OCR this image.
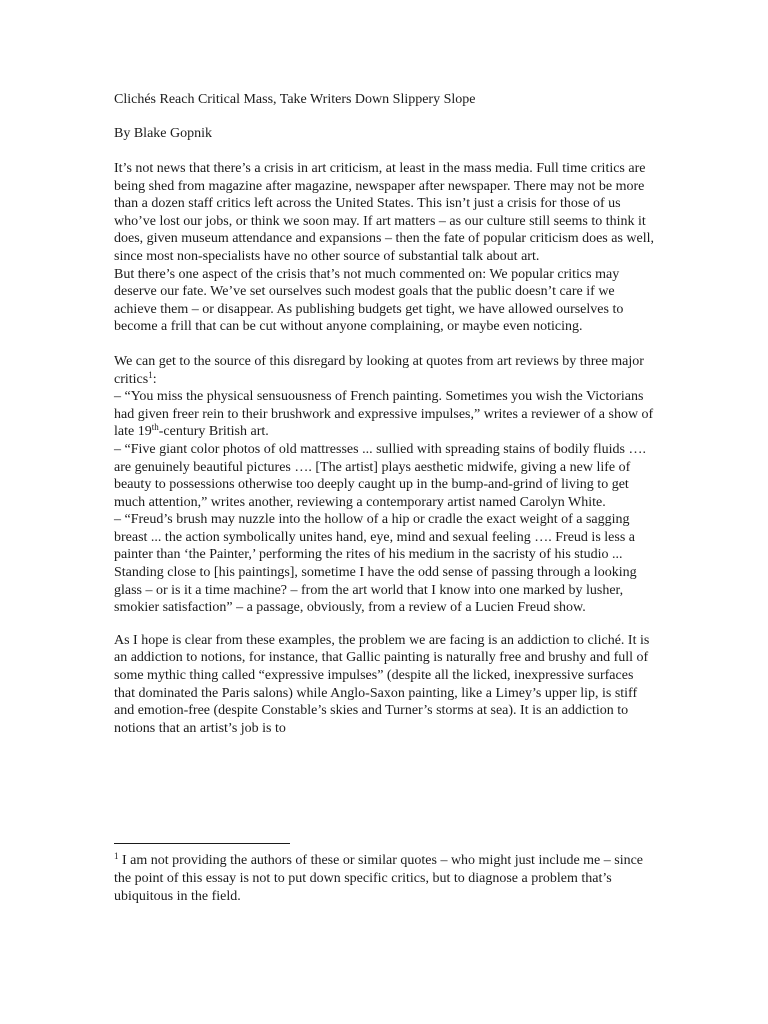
Clichés Reach Critical Mass, Take Writers Down Slippery Slope

By Blake Gopnik

It’s not news that there’s a crisis in art criticism, at least in the mass media. Full time critics are being shed from magazine after magazine, newspaper after newspaper. There may not be more than a dozen staff critics left across the United States. This isn’t just a crisis for those of us who’ve lost our jobs, or think we soon may. If art matters – as our culture still seems to think it does, given museum attendance and expansions – then the fate of popular criticism does as well, since most non-specialists have no other source of substantial talk about art.

But there’s one aspect of the crisis that’s not much commented on: We popular critics may deserve our fate. We’ve set ourselves such modest goals that the public doesn’t care if we achieve them – or disappear. As publishing budgets get tight, we have allowed ourselves to become a frill that can be cut without anyone complaining, or maybe even noticing.

We can get to the source of this disregard by looking at quotes from art reviews by three major critics$^1$:

– “You miss the physical sensuousness of French painting. Sometimes you wish the Victorians had given freer rein to their brushwork and expressive impulses,” writes a reviewer of a show of late 19th-century British art.

– “Five giant color photos of old mattresses ... sullied with spreading stains of bodily fluids …. are genuinely beautiful pictures …. [The artist] plays aesthetic midwife, giving a new life of beauty to possessions otherwise too deeply caught up in the bump-and-grind of living to get much attention,” writes another, reviewing a contemporary artist named Carolyn White.

– “Freud’s brush may nuzzle into the hollow of a hip or cradle the exact weight of a sagging breast ... the action symbolically unites hand, eye, mind and sexual feeling …. Freud is less a painter than ‘the Painter,’ performing the rites of his medium in the sacristy of his studio ... Standing close to [his paintings], sometime I have the odd sense of passing through a looking glass – or is it a time machine? – from the art world that I know into one marked by lusher, smokier satisfaction” – a passage, obviously, from a review of a Lucien Freud show.

As I hope is clear from these examples, the problem we are facing is an addiction to cliché. It is an addiction to notions, for instance, that Gallic painting is naturally free and brushy and full of some mythic thing called “expressive impulses” (despite all the licked, inexpressive surfaces that dominated the Paris salons) while Anglo-Saxon painting, like a Limey’s upper lip, is stiff and emotion-free (despite Constable’s skies and Turner’s storms at sea). It is an addiction to notions that an artist’s job is to

$^1$ I am not providing the authors of these or similar quotes – who might just include me – since the point of this essay is not to put down specific critics, but to diagnose a problem that’s ubiquitous in the field.
